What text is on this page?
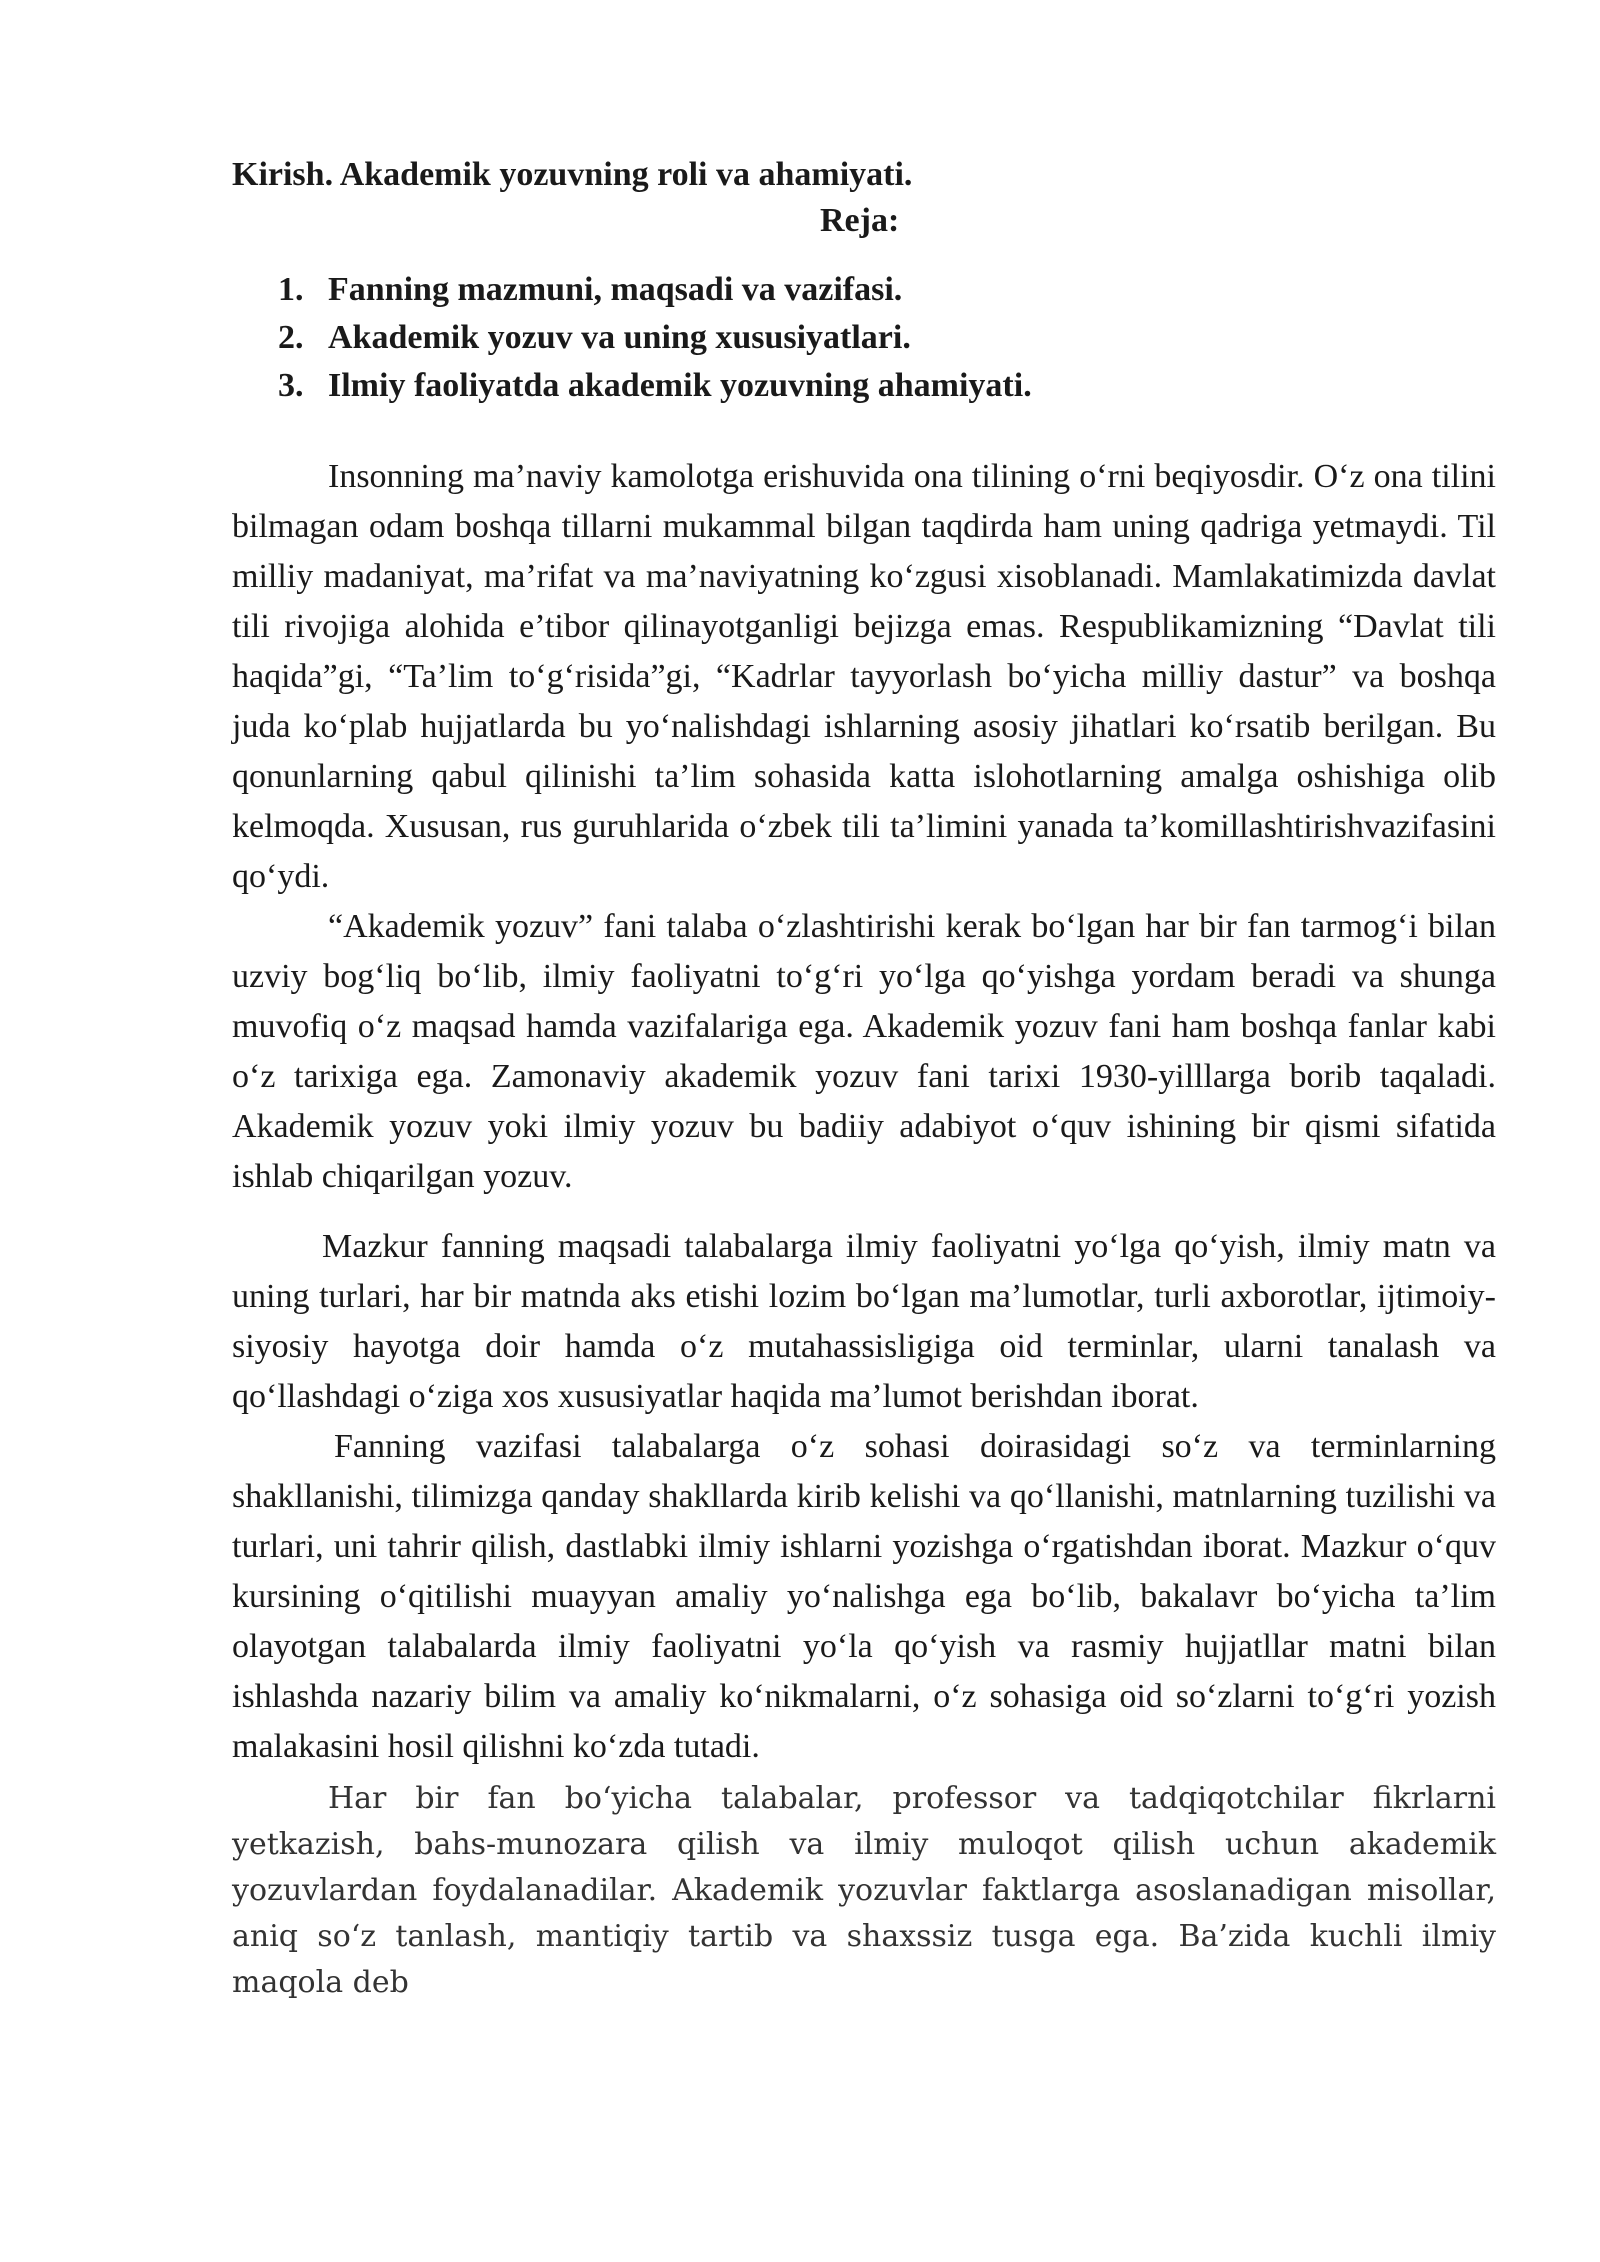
Kirish. Akademik yozuvning roli va ahamiyati.

Reja:

1. Fanning mazmuni, maqsadi va vazifasi.
2. Akademik yozuv va uning xususiyatlari.
3. Ilmiy faoliyatda akademik yozuvning ahamiyati.

Insonning ma’naviy kamolotga erishuvida ona tilining o‘rni beqiyosdir. O‘z ona tilini bilmagan odam boshqa tillarni mukammal bilgan taqdirda ham uning qadriga yetmaydi. Til milliy madaniyat, ma’rifat va ma’naviyatning ko‘zgusi xisoblanadi. Mamlakatimizda davlat tili rivojiga alohida e’tibor qilinayotganligi bejizga emas. Respublikamizning “Davlat tili haqida”gi, “Ta’lim to‘g‘risida”gi, “Kadrlar tayyorlash bo‘yicha milliy dastur” va boshqa juda ko‘plab hujjatlarda bu yo‘nalishdagi ishlarning asosiy jihatlari ko‘rsatib berilgan. Bu qonunlarning qabul qilinishi ta’lim sohasida katta islohotlarning amalga oshishiga olib kelmoqda. Xususan, rus guruhlarida o‘zbek tili ta’limini yanada ta’komillashtirishvazifasini qo‘ydi.

“Akademik yozuv” fani talaba o‘zlashtirishi kerak bo‘lgan har bir fan tarmog‘i bilan uzviy bog‘liq bo‘lib, ilmiy faoliyatni to‘g‘ri yo‘lga qo‘yishga yordam beradi va shunga muvofiq o‘z maqsad hamda vazifalariga ega. Akademik yozuv fani ham boshqa fanlar kabi o‘z tarixiga ega. Zamonaviy akademik yozuv fani tarixi 1930-yilllarga borib taqaladi. Akademik yozuv yoki ilmiy yozuv bu badiiy adabiyot o‘quv ishining bir qismi sifatida ishlab chiqarilgan yozuv.

Mazkur fanning maqsadi talabalarga ilmiy faoliyatni yo‘lga qo‘yish, ilmiy matn va uning turlari, har bir matnda aks etishi lozim bo‘lgan ma’lumotlar, turli axborotlar, ijtimoiy-siyosiy hayotga doir hamda o‘z mutahassisligiga oid terminlar, ularni tanalash va qo‘llashdagi o‘ziga xos xususiyatlar haqida ma’lumot berishdan iborat.

Fanning vazifasi talabalarga o‘z sohasi doirasidagi so‘z va terminlarning shakllanishi, tilimizga qanday shakllarda kirib kelishi va qo‘llanishi, matnlarning tuzilishi va turlari, uni tahrir qilish, dastlabki ilmiy ishlarni yozishga o‘rgatishdan iborat. Mazkur o‘quv kursining o‘qitilishi muayyan amaliy yo‘nalishga ega bo‘lib, bakalavr bo‘yicha ta’lim olayotgan talabalarda ilmiy faoliyatni yo‘la qo‘yish va rasmiy hujjatllar matni bilan ishlashda nazariy bilim va amaliy ko‘nikmalarni, o‘z sohasiga oid so‘zlarni to‘g‘ri yozish malakasini hosil qilishni ko‘zda tutadi.

Har bir fan bo‘yicha talabalar, professor va tadqiqotchilar fikrlarni yetkazish, bahs-munozara qilish va ilmiy muloqot qilish uchun akademik yozuvlardan foydalanadilar. Akademik yozuvlar faktlarga asoslanadigan misollar, aniq so‘z tanlash, mantiqiy tartib va shaxssiz tusga ega. Ba’zida kuchli ilmiy maqola deb
